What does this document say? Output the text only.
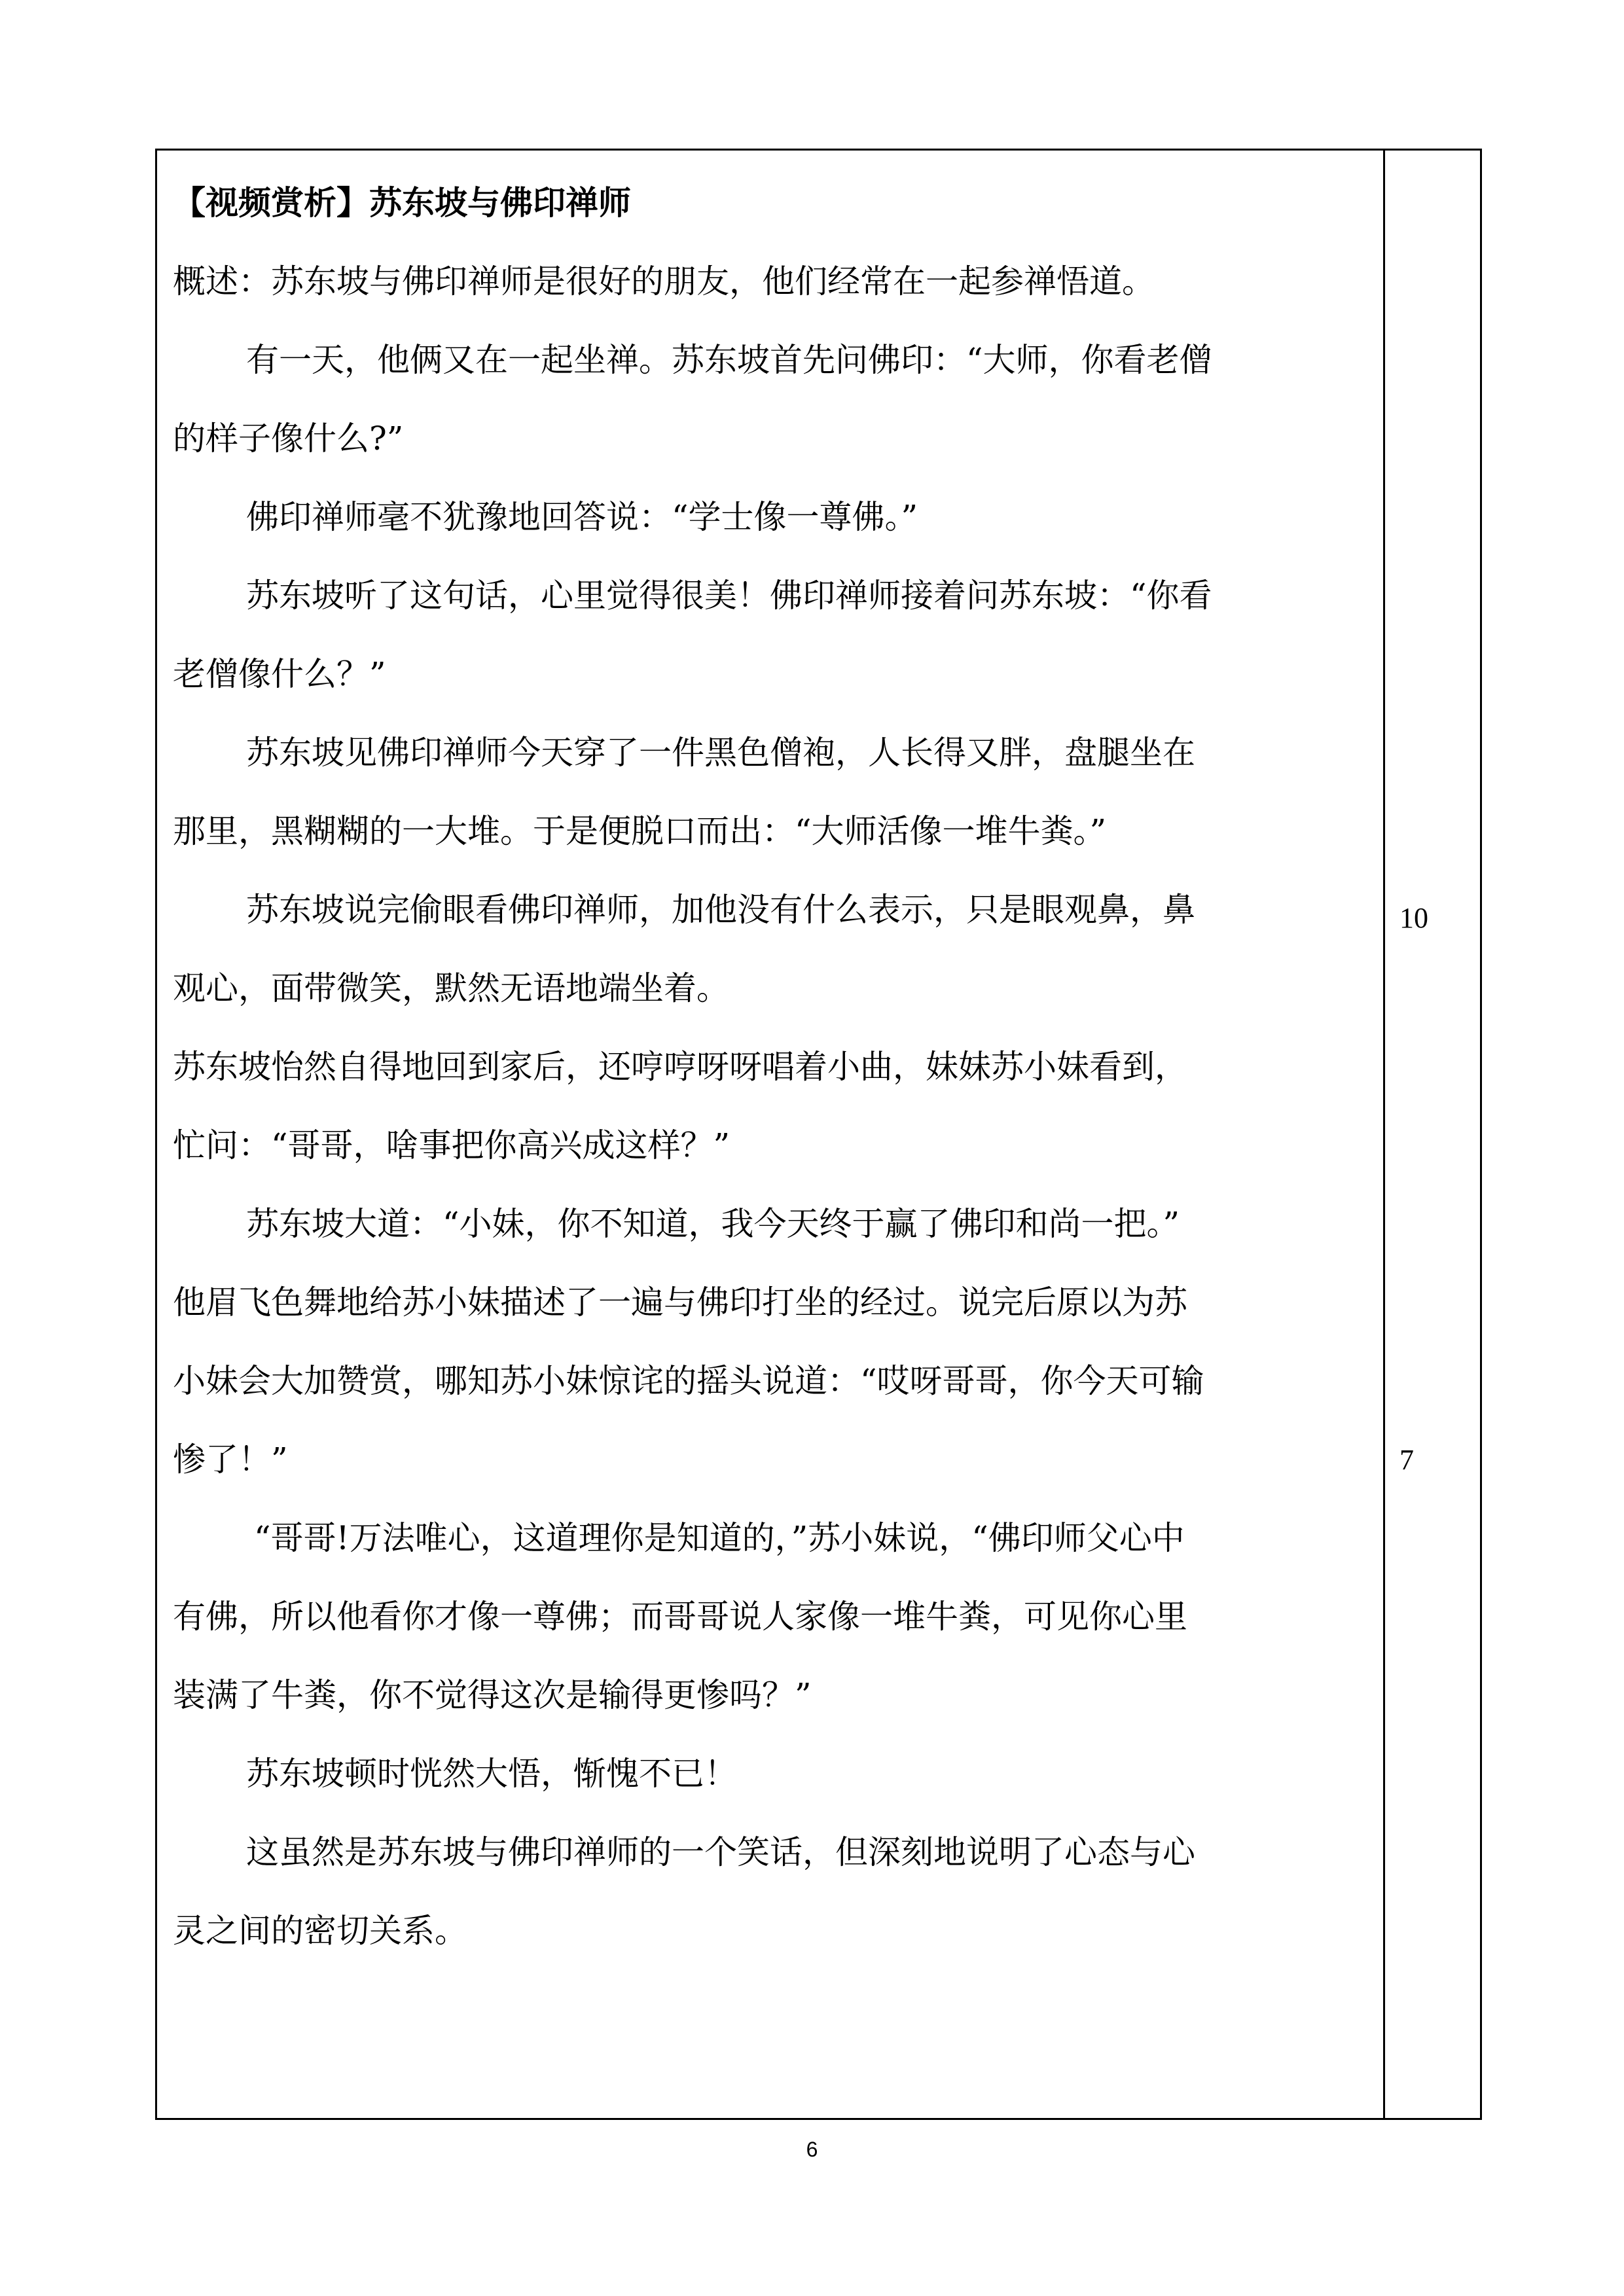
【视频赏析】苏东坡与佛印禅师
概述：苏东坡与佛印禅师是很好的朋友，他们经常在一起参禅悟道。
有一天，他俩又在一起坐禅。苏东坡首先问佛印：“大师，你看老僧
的样子像什么?”
佛印禅师毫不犹豫地回答说：“学士像一尊佛。”
苏东坡听了这句话，心里觉得很美！佛印禅师接着问苏东坡：“你看
老僧像什么？”
苏东坡见佛印禅师今天穿了一件黑色僧袍，人长得又胖，盘腿坐在
那里，黑糊糊的一大堆。于是便脱口而出：“大师活像一堆牛粪。”
苏东坡说完偷眼看佛印禅师，加他没有什么表示，只是眼观鼻，鼻
观心，面带微笑，默然无语地端坐着。
苏东坡怡然自得地回到家后，还哼哼呀呀唱着小曲，妹妹苏小妹看到，
忙问：“哥哥，啥事把你高兴成这样？”
苏东坡大道：“小妹，你不知道，我今天终于赢了佛印和尚一把。”
他眉飞色舞地给苏小妹描述了一遍与佛印打坐的经过。说完后原以为苏
小妹会大加赞赏，哪知苏小妹惊诧的摇头说道：“哎呀哥哥，你今天可输
惨了！”
“哥哥!万法唯心，这道理你是知道的，”苏小妹说，“佛印师父心中
有佛，所以他看你才像一尊佛；而哥哥说人家像一堆牛粪，可见你心里
装满了牛粪，你不觉得这次是输得更惨吗？”
苏东坡顿时恍然大悟，惭愧不已！
这虽然是苏东坡与佛印禅师的一个笑话，但深刻地说明了心态与心
灵之间的密切关系。
10
7
6
